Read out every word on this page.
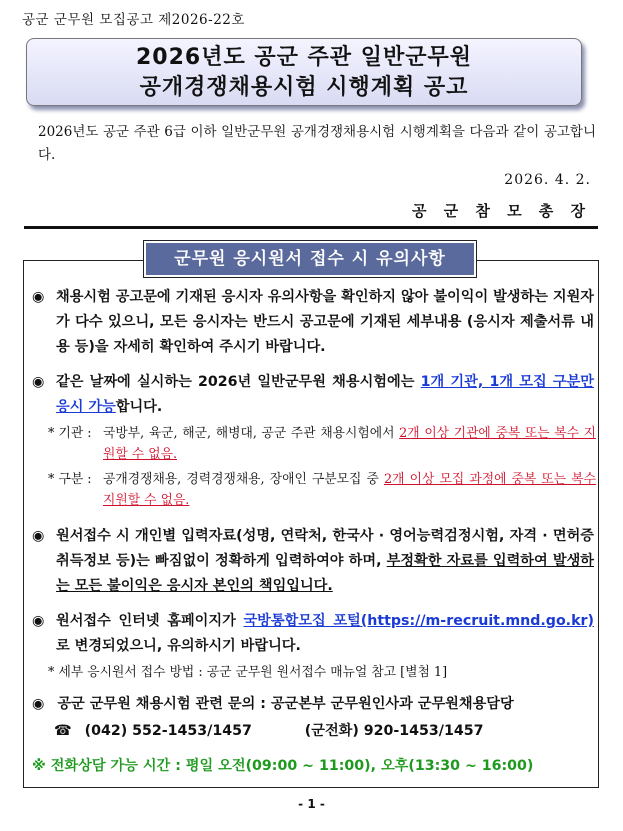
공군 군무원 모집공고 제2026-22호
2026년도 공군 주관 일반군무원
공개경쟁채용시험 시행계획 공고
2026년도 공군 주관 6급 이하 일반군무원 공개경쟁채용시험 시행계획을 다음과 같이 공고합니다.
2026. 4. 2.
공 군 참 모 총 장
군무원 응시원서 접수 시 유의사항
◉ 채용시험 공고문에 기재된 응시자 유의사항을 확인하지 않아 불이익이 발생하는 지원자가 다수 있으니, 모든 응시자는 반드시 공고문에 기재된 세부내용 (응시자 제출서류 내용 등)을 자세히 확인하여 주시기 바랍니다.
◉ 같은 날짜에 실시하는 2026년 일반군무원 채용시험에는 1개 기관, 1개 모집 구분만 응시 가능합니다.
* 기관 : 국방부, 육군, 해군, 해병대, 공군 주관 채용시험에서 2개 이상 기관에 중복 또는 복수 지원할 수 없음.
* 구분 : 공개경쟁채용, 경력경쟁채용, 장애인 구분모집 중 2개 이상 모집 과정에 중복 또는 복수 지원할 수 없음.
◉ 원서접수 시 개인별 입력자료(성명, 연락처, 한국사 · 영어능력검정시험, 자격 · 면허증 취득정보 등)는 빠짐없이 정확하게 입력하여야 하며, 부정확한 자료를 입력하여 발생하는 모든 불이익은 응시자 본인의 책임입니다.
◉ 원서접수 인터넷 홈페이지가 국방통합모집 포털(https://m-recruit.mnd.go.kr)로 변경되었으니, 유의하시기 바랍니다.
* 세부 응시원서 접수 방법 : 공군 군무원 원서접수 매뉴얼 참고 [별첨 1]
◉ 공군 군무원 채용시험 관련 문의 : 공군본부 군무원인사과 군무원채용담당
☎ (042) 552-1453/1457	(군전화) 920-1453/1457
※ 전화상담 가능 시간 : 평일 오전(09:00 ~ 11:00), 오후(13:30 ~ 16:00)
- 1 -
